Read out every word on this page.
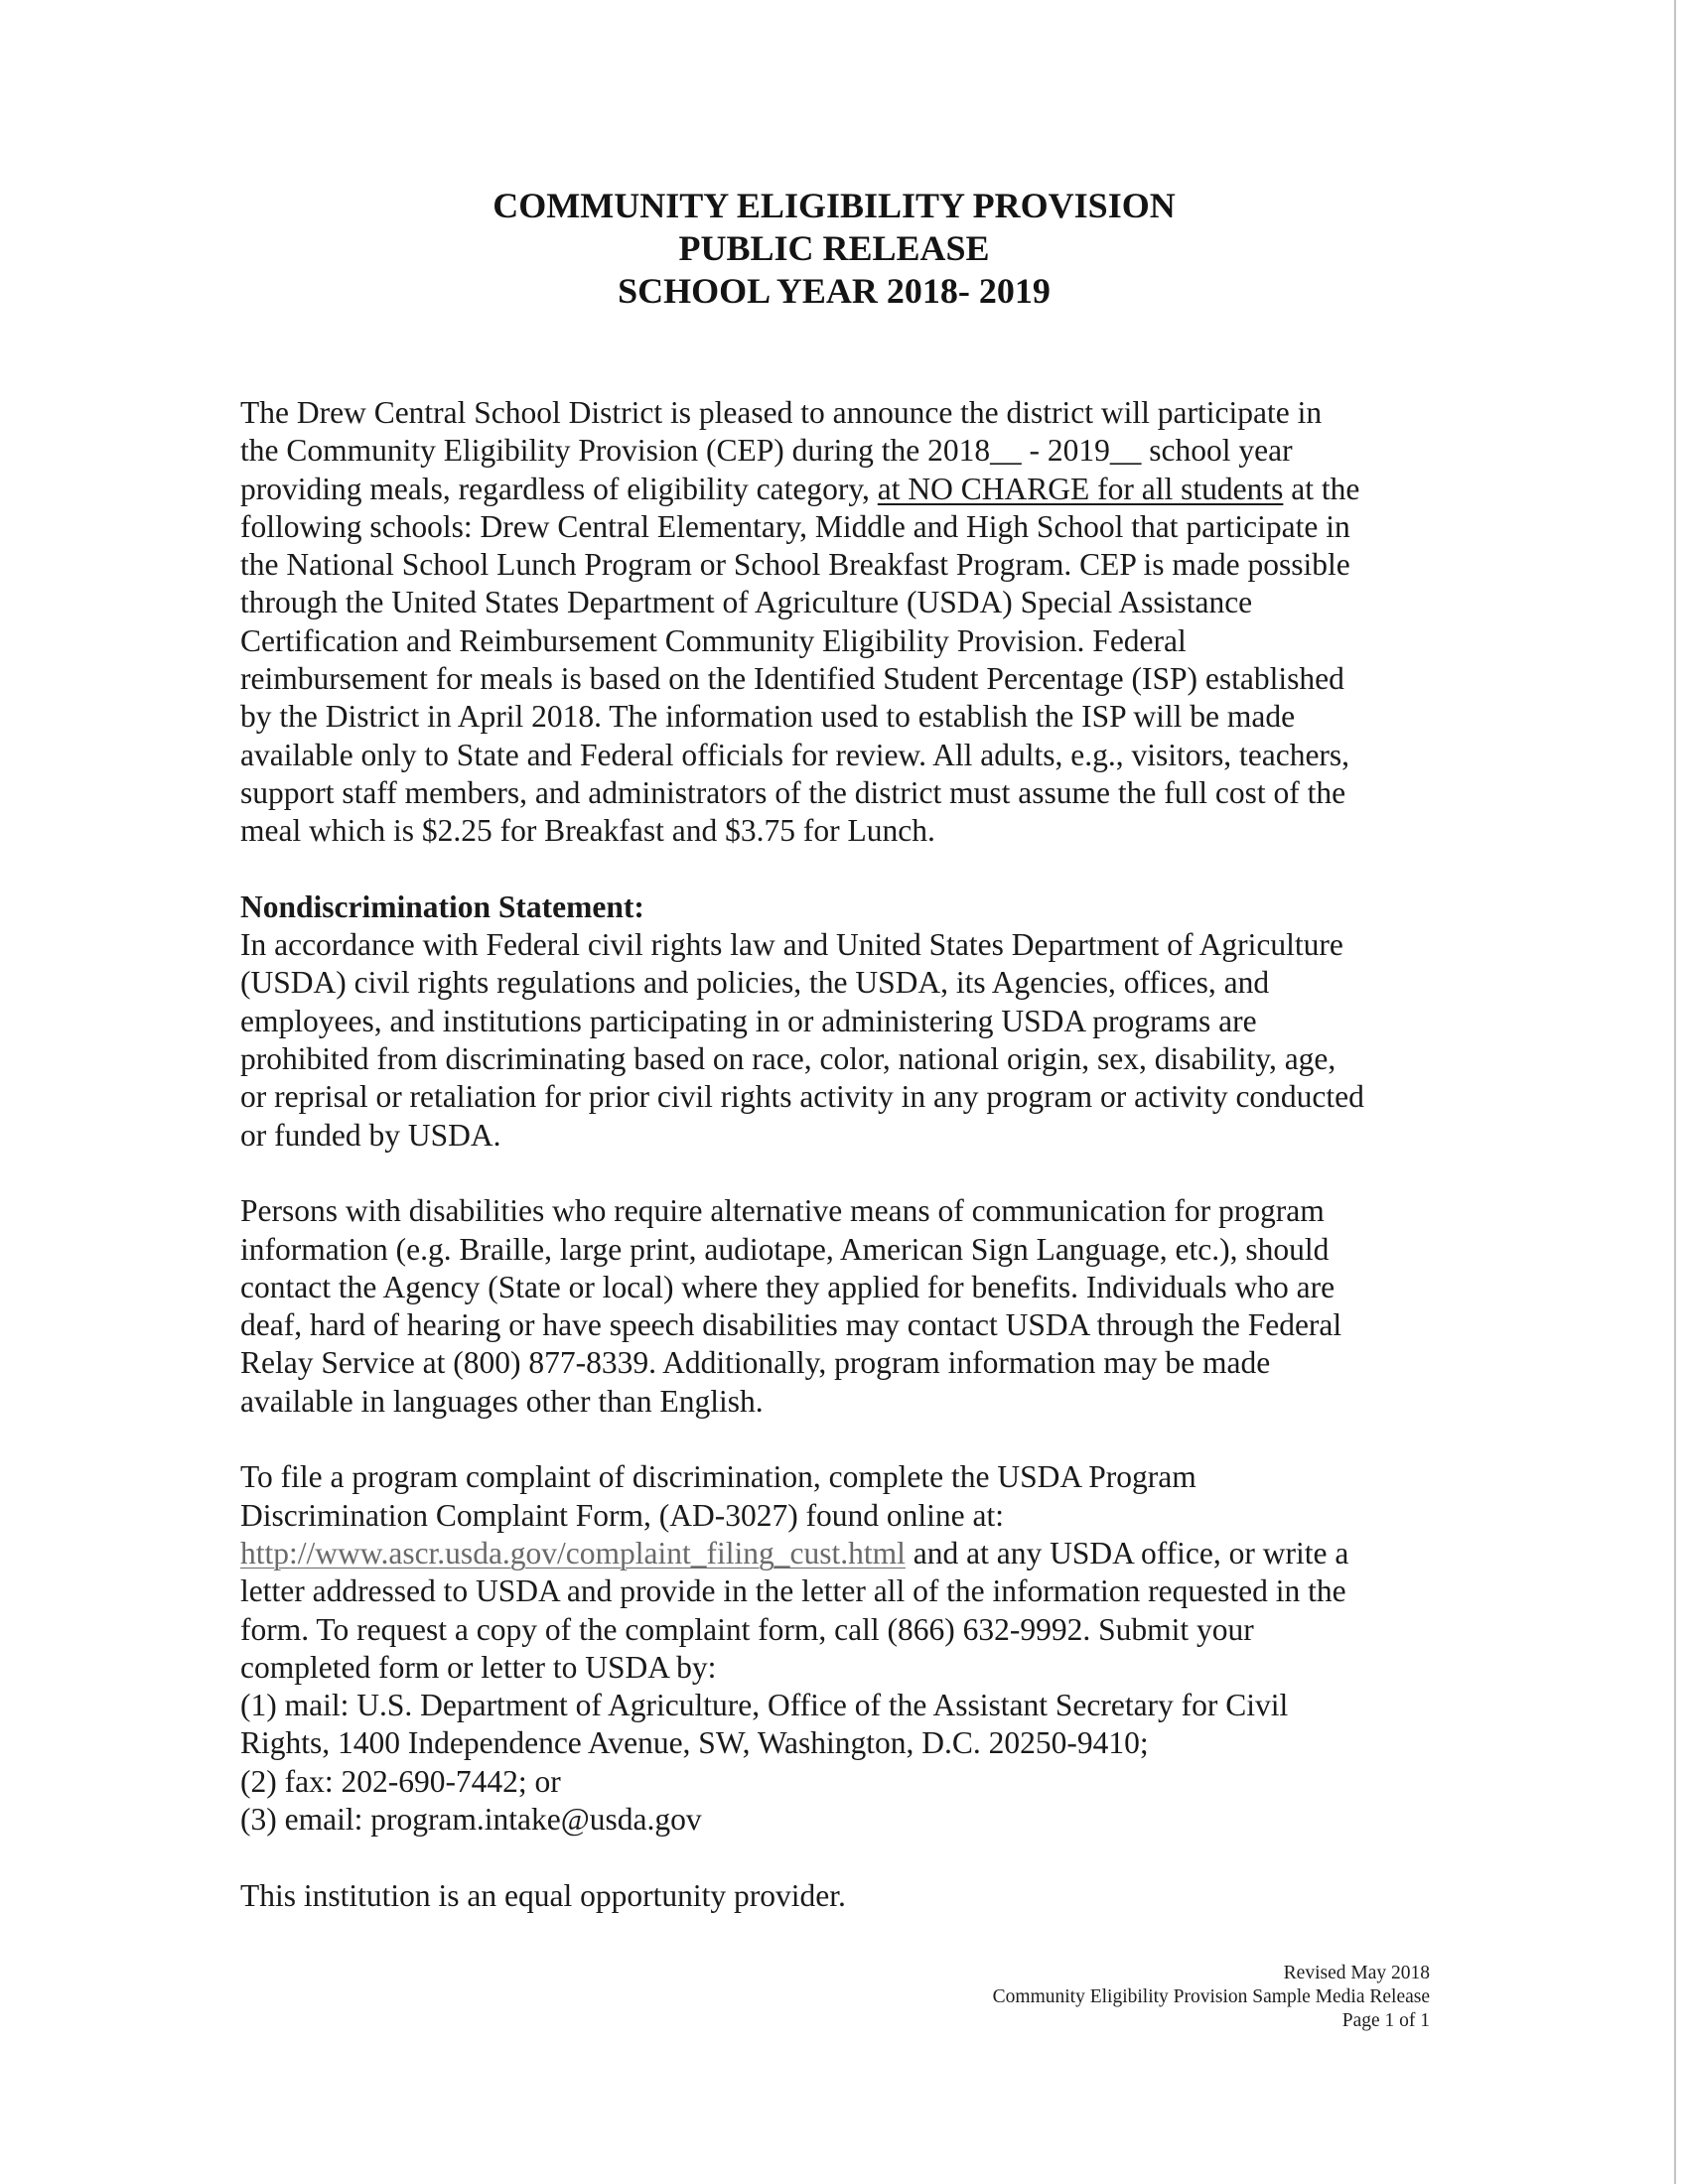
COMMUNITY ELIGIBILITY PROVISION
PUBLIC RELEASE
SCHOOL YEAR 2018- 2019
The Drew Central School District is pleased to announce the district will participate in
the Community Eligibility Provision (CEP) during the 2018__ - 2019__ school year
providing meals, regardless of eligibility category, at NO CHARGE for all students at the
following schools: Drew Central Elementary, Middle and High School that participate in
the National School Lunch Program or School Breakfast Program. CEP is made possible
through the United States Department of Agriculture (USDA) Special Assistance
Certification and Reimbursement Community Eligibility Provision. Federal
reimbursement for meals is based on the Identified Student Percentage (ISP) established
by the District in April 2018. The information used to establish the ISP will be made
available only to State and Federal officials for review. All adults, e.g., visitors, teachers,
support staff members, and administrators of the district must assume the full cost of the
meal which is $2.25 for Breakfast and $3.75 for Lunch.
Nondiscrimination Statement:
In accordance with Federal civil rights law and United States Department of Agriculture
(USDA) civil rights regulations and policies, the USDA, its Agencies, offices, and
employees, and institutions participating in or administering USDA programs are
prohibited from discriminating based on race, color, national origin, sex, disability, age,
or reprisal or retaliation for prior civil rights activity in any program or activity conducted
or funded by USDA.
Persons with disabilities who require alternative means of communication for program
information (e.g. Braille, large print, audiotape, American Sign Language, etc.), should
contact the Agency (State or local) where they applied for benefits. Individuals who are
deaf, hard of hearing or have speech disabilities may contact USDA through the Federal
Relay Service at (800) 877-8339. Additionally, program information may be made
available in languages other than English.
To file a program complaint of discrimination, complete the USDA Program
Discrimination Complaint Form, (AD-3027) found online at:
http://www.ascr.usda.gov/complaint_filing_cust.html and at any USDA office, or write a
letter addressed to USDA and provide in the letter all of the information requested in the
form. To request a copy of the complaint form, call (866) 632-9992. Submit your
completed form or letter to USDA by:
(1) mail: U.S. Department of Agriculture, Office of the Assistant Secretary for Civil
Rights, 1400 Independence Avenue, SW, Washington, D.C. 20250-9410;
(2) fax: 202-690-7442; or
(3) email: program.intake@usda.gov
This institution is an equal opportunity provider.
Revised May 2018
Community Eligibility Provision Sample Media Release
Page 1 of 1
